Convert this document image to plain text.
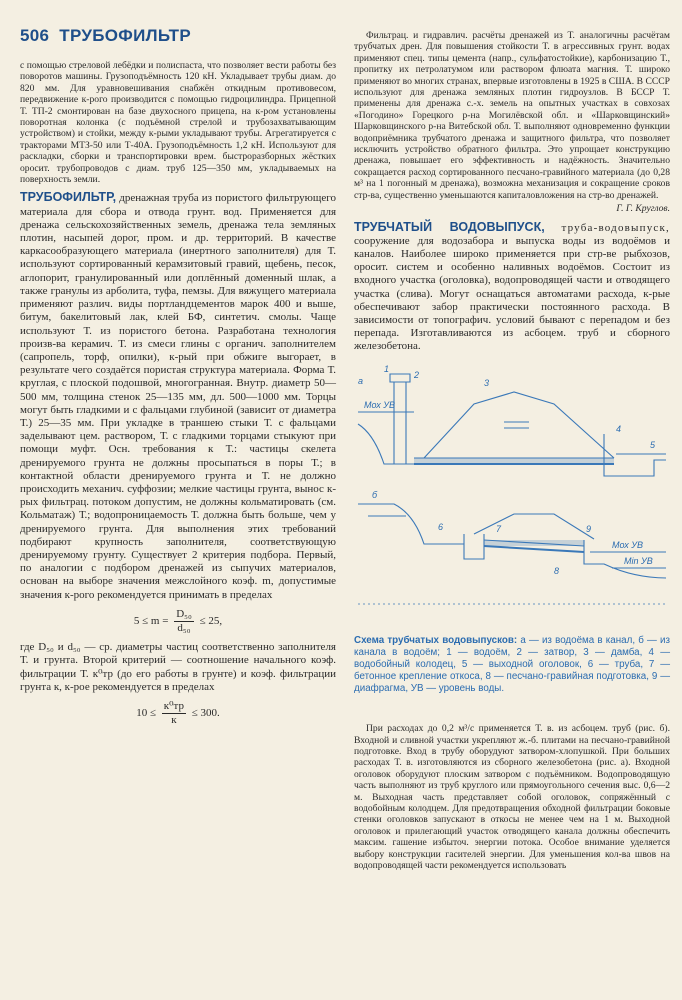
506 ТРУБОФИЛЬТР

с помощью стреловой лебёдки и полиспаста, что позволяет вести работы без поворотов машины. Грузоподъёмность 120 кН. Укладывает трубы диам. до 820 мм. Для уравновешивания снабжён откидным противовесом, передвижение к-рого производится с помощью гидроцилиндра. Прицепной Т. ТП-2 смонтирован на базе двухосного прицепа, на к-ром установлены поворотная колонка (с подъёмной стрелой и трубозахватывающим устройством) и стойки, между к-рыми укладывают трубы. Агрегатируется с тракторами МТЗ-50 или Т-40А. Грузоподъёмность 1,2 кН. Используют для раскладки, сборки и транспортировки врем. быстроразборных жёстких ороcит. трубопроводов с диам. труб 125—350 мм, укладываемых на поверхность земли.

ТРУБОФИЛЬТР, дренажная труба из пористого фильтрующего материала для сбора и отвода грунт. вод. Применяется для дренажа сельскохозяйственных земель, дренажа тела земляных плотин, насыпей дорог, пром. и др. территорий. В качестве каркасообразующего материала (инертного заполнителя) для Т. используют сортированный керамзитовый гравий, щебень, песок, аглопорит, гранулированный или доплённый доменный шлак, а также гранулы из арболита, туфа, пемзы. Для вяжущего материала применяют различ. виды портландцементов марок 400 и выше, битум, бакелитовый лак, клей БФ, синтетич. смолы. Чаще используют Т. из пористого бетона. Разработана технология произв-ва керамич. Т. из смеси глины с органич. заполнителем (сапропель, торф, опилки), к-рый при обжиге выгорает, в результате чего создаётся пористая структура материала. Форма Т. круглая, с плоской подошвой, многогранная. Внутр. диаметр 50—500 мм, толщина стенок 25—135 мм, дл. 500—1000 мм. Торцы могут быть гладкими и с фальцами глубиной (зависит от диаметра Т.) 25—35 мм. При укладке в траншею стыки Т. с фальцами заделывают цем. раствором, Т. с гладкими торцами стыкуют при помощи муфт. Осн. требования к Т.: частицы скелета дренируемого грунта не должны просыпаться в поры Т.; в контактной области дренируемого грунта и Т. не должно происходить механич. суффозии; мелкие частицы грунта, вынос к-рых фильтрац. потоком допустим, не должны кольматировать (см. Кольматаж) Т.; водопроницаемость Т. должна быть больше, чем у дренируемого грунта. Для выполнения этих требований подбирают крупность заполнителя, соответствующую дренируемому грунту. Существует 2 критерия подбора. Первый, по аналогии с подбором дренажей из сыпучих материалов, основан на выборе значения межслойного коэф. m, допустимые значения к-рого рекомендуется принимать в пределах

$5 \le m = \frac{\text{D₅₀}}{\text{d₅₀}} \le 25$,

где D₅₀ и d₅₀ — ср. диаметры частиц соответственно заполнителя Т. и грунта. Второй критерий — соотношение начального коэф. фильтрации Т. к⁰тр (до его работы в грунте) и коэф. фильтрации грунта к, к-рое рекомендуется в пределах

$10 \le \frac{\text{к⁰тр}}{к} \le 300$.

Фильтрац. и гидравлич. расчёты дренажей из Т. аналогичны расчётам трубчатых дрен. Для повышения стойкости Т. в агрессивных грунт. водах применяют спец. типы цемента (напр., сульфатостойкие), карбонизацию Т., пропитку их петролатумом или раствором флюата магния. Т. широко применяют во многих странах, впервые изготовлены в 1925 в США. В СССР используют для дренажа земляных плотин гидроузлов. В БССР Т. применены для дренажа с.-х. земель на опытных участках в совхозах «Погодино» Горецкого р-на Могилёвской обл. и «Шарковщинский» Шарковщинского р-на Витебской обл. Т. выполняют одновременно функции водоприёмника трубчатого дренажа и защитного фильтра, что позволяет исключить устройство обратного фильтра. Это упрощает конструкцию дренажа, повышает его эффективность и надёжность. Значительно сокращается расход сортированного песчано-гравийного материала (до 0,28 м³ на 1 погонный м дренажа), возможна механизация и сокращение сроков стр-ва, существенно уменьшаются капиталовложения на стр-во дренажей.

Г. Г. Круглов.

ТРУБЧАТЫЙ ВОДОВЫПУСК, труба-водовыпуск, сооружение для водозабора и выпуска воды из водоёмов и каналов. Наиболее широко применяется при стр-ве рыбхозов, ороcит. систем и особенно наливных водоёмов. Состоит из входного участка (оголовка), водопроводящей части и отводящего участка (слива). Могут оснащаться автоматами расхода, к-рые обеспечивают забор практически постоянного расхода. В зависимости от топографич. условий бывают с перепадом и без перепада. Изготавливаются из асбоцем. труб и сборного железобетона.

а
Мох УВ
1
2
3
4
5
б
6	7
8
9
Мох УВ
Min УВ

Схема трубчатых водовыпусков: а — из водоёма в канал, б — из канала в водоём; 1 — водоём, 2 — затвор, 3 — дамба, 4 — водобойный колодец, 5 — выходной оголовок, 6 — труба, 7 — бетонное крепление откоса, 8 — песчано-гравийная подготовка, 9 — диафрагма, УВ — уровень воды.

При расходах до 0,2 м³/с применяется Т. в. из асбоцем. труб (рис. б). Входной и сливной участки укрепляют ж.-б. плитами на песчано-гравийной подготовке. Вход в трубу оборудуют затвором-хлопушкой. При больших расходах Т. в. изготовляются из сборного железобетона (рис. а). Входной оголовок оборудуют плоским затвором с подъёмником. Водопроводящую часть выполняют из труб круглого или прямоугольного сечения выс. 0,6—2 м. Выходная часть представляет собой оголовок, сопряжённый с водобойным колодцем. Для предотвращения обходной фильтрации боковые стенки оголовков запускают в откосы не менее чем на 1 м. Выходной оголовок и прилегающий участок отводящего канала должны обеспечить максим. гашение избыточ. энергии потока. Особое внимание уделяется выбору конструкции гасителей энергии. Для уменьшения кол-ва швов на водопроводящей части рекомендуется использовать
